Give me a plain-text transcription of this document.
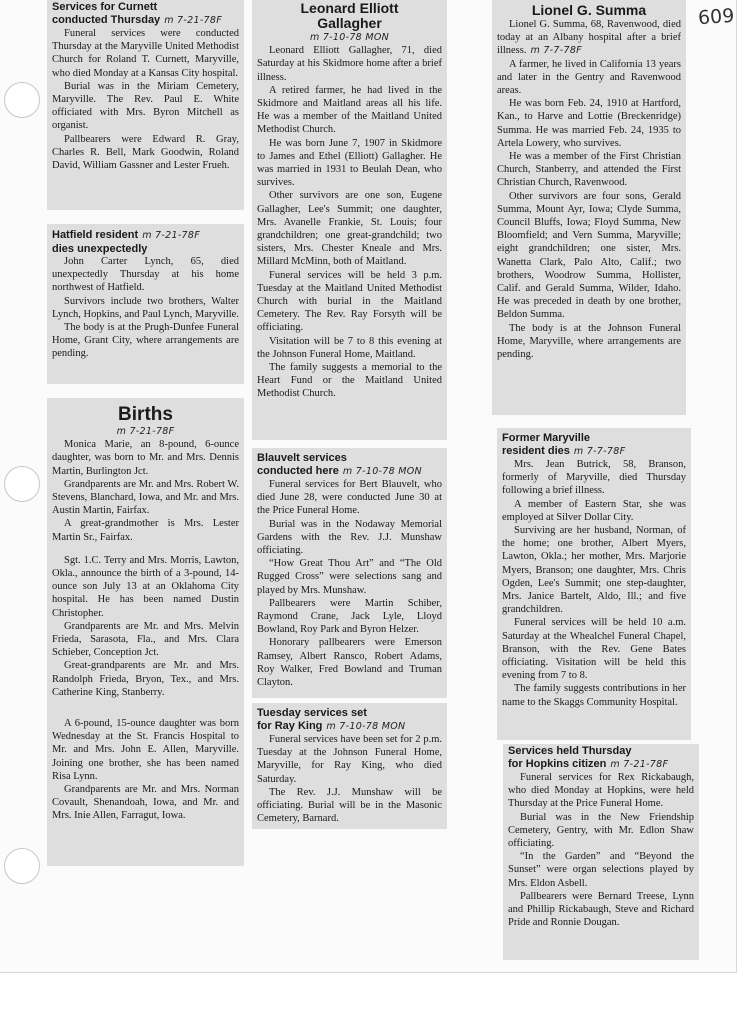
609
Services for Curnett
conducted Thursday m 7-21-78F

Funeral services were conducted Thursday at the Maryville United Methodist Church for Roland T. Curnett, Maryville, who died Monday at a Kansas City hospital.

Burial was in the Miriam Cemetery, Maryville. The Rev. Paul E. White officiated with Mrs. Byron Mitchell as organist.

Pallbearers were Edward R. Gray, Charles R. Bell, Mark Goodwin, Roland David, William Gassner and Lester Frueh.

Hatfield resident m 7-21-78F
dies unexpectedly

John Carter Lynch, 65, died unexpectedly Thursday at his home northwest of Hatfield.

Survivors include two brothers, Walter Lynch, Hopkins, and Paul Lynch, Maryville.

The body is at the Prugh-Dunfee Funeral Home, Grant City, where arrangements are pending.

Births
m 7-21-78F

Monica Marie, an 8-pound, 6-ounce daughter, was born to Mr. and Mrs. Dennis Martin, Burlington Jct.

Grandparents are Mr. and Mrs. Robert W. Stevens, Blanchard, Iowa, and Mr. and Mrs. Austin Martin, Fairfax.

A great-grandmother is Mrs. Lester Martin Sr., Fairfax.

Sgt. 1.C. Terry and Mrs. Morris, Lawton, Okla., announce the birth of a 3-pound, 14-ounce son July 13 at an Oklahoma City hospital. He has been named Dustin Christopher.

Grandparents are Mr. and Mrs. Melvin Frieda, Sarasota, Fla., and Mrs. Clara Schieber, Conception Jct.

Great-grandparents are Mr. and Mrs. Randolph Frieda, Bryon, Tex., and Mrs. Catherine King, Stanberry.

A 6-pound, 15-ounce daughter was born Wednesday at the St. Francis Hospital to Mr. and Mrs. John E. Allen, Maryville. Joining one brother, she has been named Risa Lynn.

Grandparents are Mr. and Mrs. Norman Covault, Shenandoah, Iowa, and Mr. and Mrs. Inie Allen, Farragut, Iowa.

Leonard Elliott
Gallagher
m 7-10-78 MON

Leonard Elliott Gallagher, 71, died Saturday at his Skidmore home after a brief illness.

A retired farmer, he had lived in the Skidmore and Maitland areas all his life. He was a member of the Maitland United Methodist Church.

He was born June 7, 1907 in Skidmore to James and Ethel (Elliott) Gallagher. He was married in 1931 to Beulah Dean, who survives.

Other survivors are one son, Eugene Gallagher, Lee's Summit; one daughter, Mrs. Avanelle Frankie, St. Louis; four grandchildren; one great-grandchild; two sisters, Mrs. Chester Kneale and Mrs. Millard McMinn, both of Maitland.

Funeral services will be held 3 p.m. Tuesday at the Maitland United Methodist Church with burial in the Maitland Cemetery. The Rev. Ray Forsyth will be officiating.

Visitation will be 7 to 8 this evening at the Johnson Funeral Home, Maitland.

The family suggests a memorial to the Heart Fund or the Maitland United Methodist Church.

Blauvelt services
conducted here m 7-10-78 MON

Funeral services for Bert Blauvelt, who died June 28, were conducted June 30 at the Price Funeral Home.

Burial was in the Nodaway Memorial Gardens with the Rev. J.J. Munshaw officiating.

“How Great Thou Art” and “The Old Rugged Cross” were selections sang and played by Mrs. Munshaw.

Pallbearers were Martin Schiber, Raymond Crane, Jack Lyle, Lloyd Bowland, Roy Park and Byron Helzer.

Honorary pallbearers were Emerson Ramsey, Albert Ransco, Robert Adams, Roy Walker, Fred Bowland and Truman Clayton.

Tuesday services set
for Ray King m 7-10-78 MON

Funeral services have been set for 2 p.m. Tuesday at the Johnson Funeral Home, Maryville, for Ray King, who died Saturday.

The Rev. J.J. Munshaw will be officiating. Burial will be in the Masonic Cemetery, Barnard.

Lionel G. Summa

Lionel G. Summa, 68, Ravenwood, died today at an Albany hospital after a brief illness. m 7-7-78F

A farmer, he lived in California 13 years and later in the Gentry and Ravenwood areas.

He was born Feb. 24, 1910 at Hartford, Kan., to Harve and Lottie (Breckenridge) Summa. He was married Feb. 24, 1935 to Artela Lowery, who survives.

He was a member of the First Christian Church, Stanberry, and attended the First Christian Church, Ravenwood.

Other survivors are four sons, Gerald Summa, Mount Ayr, Iowa; Clyde Summa, Council Bluffs, Iowa; Floyd Summa, New Bloomfield; and Vern Summa, Maryville; eight grandchildren; one sister, Mrs. Wanetta Clark, Palo Alto, Calif.; two brothers, Woodrow Summa, Hollister, Calif. and Gerald Summa, Wilder, Idaho. He was preceded in death by one brother, Beldon Summa.

The body is at the Johnson Funeral Home, Maryville, where arrangements are pending.

Former Maryville
resident dies m 7-7-78F

Mrs. Jean Butrick, 58, Branson, formerly of Maryville, died Thursday following a brief illness.

A member of Eastern Star, she was employed at Silver Dollar City.

Surviving are her husband, Norman, of the home; one brother, Albert Myers, Lawton, Okla.; her mother, Mrs. Marjorie Myers, Branson; one daughter, Mrs. Chris Ogden, Lee's Summit; one step-daughter, Mrs. Janice Bartelt, Aldo, Ill.; and five grandchildren.

Funeral services will be held 10 a.m. Saturday at the Whealchel Funeral Chapel, Branson, with the Rev. Gene Bates officiating. Visitation will be held this evening from 7 to 8.

The family suggests contributions in her name to the Skaggs Community Hospital.

Services held Thursday
for Hopkins citizen m 7-21-78F

Funeral services for Rex Rickabaugh, who died Monday at Hopkins, were held Thursday at the Price Funeral Home.

Burial was in the New Friendship Cemetery, Gentry, with Mr. Edlon Shaw officiating.

“In the Garden” and “Beyond the Sunset” were organ selections played by Mrs. Eldon Asbell.

Pallbearers were Bernard Treese, Lynn and Phillip Rickabaugh, Steve and Richard Pride and Ronnie Dougan.
